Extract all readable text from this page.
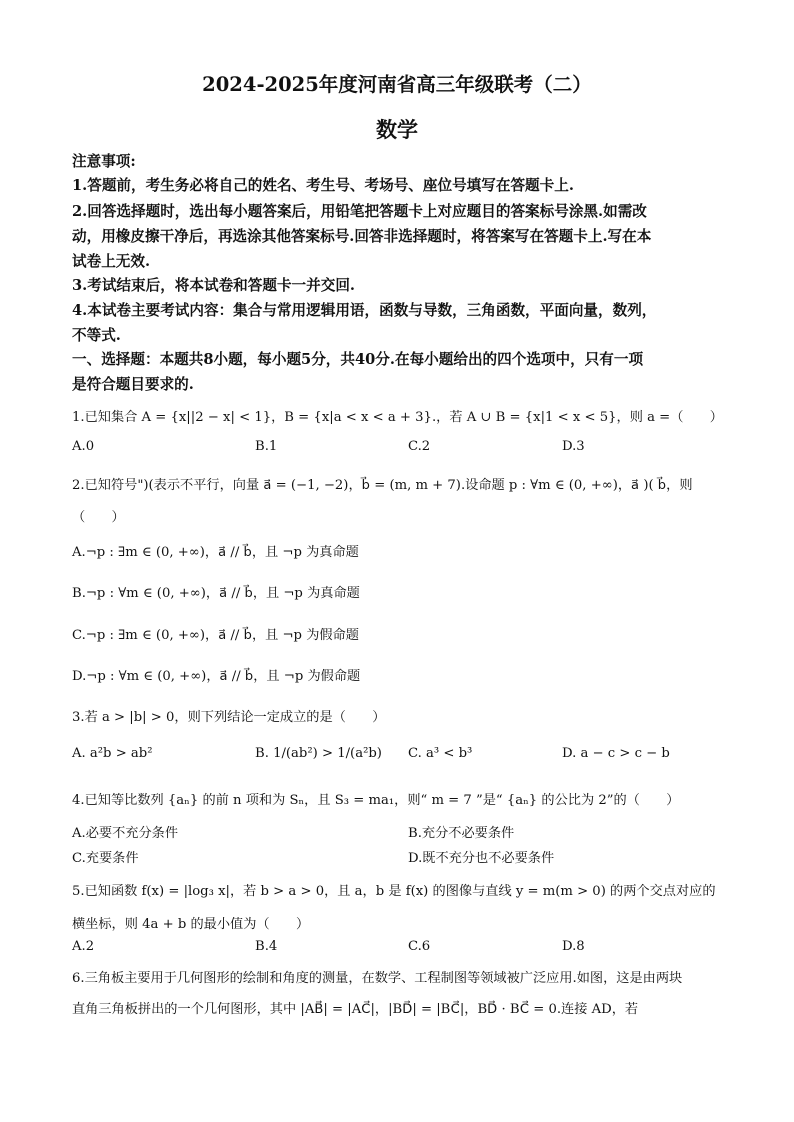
2024-2025年度河南省高三年级联考（二）
数学
注意事项:
1.答题前，考生务必将自己的姓名、考生号、考场号、座位号填写在答题卡上.
2.回答选择题时，选出每小题答案后，用铅笔把答题卡上对应题目的答案标号涂黑.如需改
动，用橡皮擦干净后，再选涂其他答案标号.回答非选择题时，将答案写在答题卡上.写在本
试卷上无效.
3.考试结束后，将本试卷和答题卡一并交回.
4.本试卷主要考试内容：集合与常用逻辑用语，函数与导数，三角函数，平面向量，数列，
不等式.
一、选择题：本题共8小题，每小题5分，共40分.在每小题给出的四个选项中，只有一项
是符合题目要求的.
1.已知集合 A = {x||2 − x| < 1}，B = {x|a < x < a + 3}.，若 A ∪ B = {x|1 < x < 5}，则 a =（　　）
A.0	B.1	C.2	D.3
2.已知符号")(表示不平行，向量 a⃗ = (−1, −2)，b⃗ = (m, m + 7).设命题 p : ∀m ∈ (0, +∞)，a⃗ )( b⃗，则
（　　）
A.¬p : ∃m ∈ (0, +∞)，a⃗ // b⃗，且 ¬p 为真命题
B.¬p : ∀m ∈ (0, +∞)，a⃗ // b⃗，且 ¬p 为真命题
C.¬p : ∃m ∈ (0, +∞)，a⃗ // b⃗，且 ¬p 为假命题
D.¬p : ∀m ∈ (0, +∞)，a⃗ // b⃗，且 ¬p 为假命题
3.若 a > |b| > 0，则下列结论一定成立的是（　　）
A. a²b > ab²	B. 1/(ab²) > 1/(a²b) C. a³ < b³	D. a − c > c − b
4.已知等比数列 {aₙ} 的前 n 项和为 Sₙ，且 S₃ = ma₁，则“ m = 7 ”是“ {aₙ} 的公比为 2”的（　　）
A.必要不充分条件	B.充分不必要条件
C.充要条件	D.既不充分也不必要条件
5.已知函数 f(x) = |log₃ x|，若 b > a > 0，且 a，b 是 f(x) 的图像与直线 y = m(m > 0) 的两个交点对应的
横坐标，则 4a + b 的最小值为（　　）
A.2	B.4	C.6	D.8
6.三角板主要用于几何图形的绘制和角度的测量，在数学、工程制图等领域被广泛应用.如图，这是由两块
直角三角板拼出的一个几何图形，其中 |AB⃗| = |AC⃗|，|BD⃗| = |BC⃗|，BD⃗ · BC⃗ = 0.连接 AD，若
